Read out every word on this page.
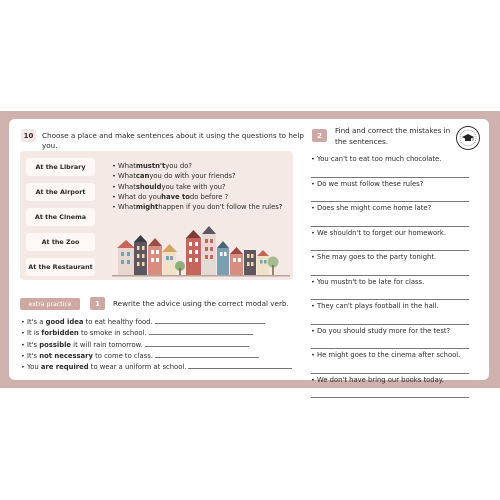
10	Choose a place and make sentences about it using the questions to help you.
At the Library
At the Airport
At the Cinema
At the Zoo
At the Restaurant
• What mustn't you do?
• What can you do with your friends?
• What should you take with you?
• What do you have to do before ?
• What might happen if you don't follow the rules?
extra practice	1	Rewrite the advice using the correct modal verb.
• It's a good idea to eat healthy food.
• It is forbidden to smoke in school.
• It's possible it will rain tomorrow.
• It's not necessary to come to class.
• You are required to wear a uniform at school.
2
Find and correct the mistakes in
the sentences.
• You can't to eat too much chocolate.
• Do we must follow these rules?
• Does she might come home late?
• We shouldn't to forget our homework.
• She may goes to the party tonight.
• You mustn't to be late for class.
• They can't plays football in the hall.
• Do you should study more for the test?
• He might goes to the cinema after school.
• We don't have bring our books today.
